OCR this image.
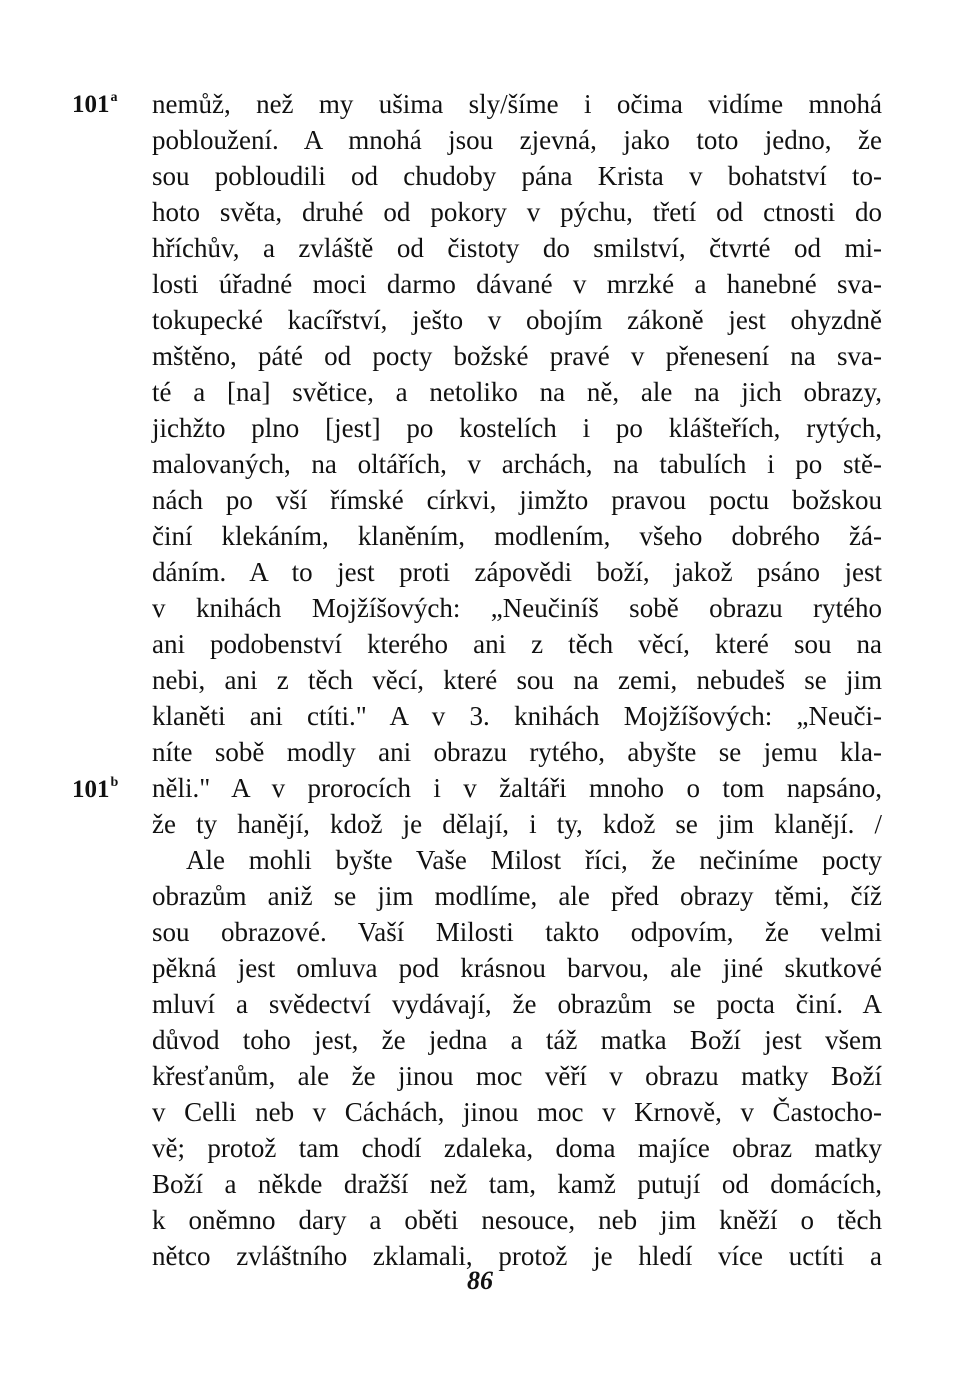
101$^a$
101$^b$
nemůž, než my ušima sly/šíme i očima vidíme mnohá
pobloužení. A mnohá jsou zjevná, jako toto jedno, že
sou pobloudili od chudoby pána Krista v bohatství to-
hoto světa, druhé od pokory v pýchu, třetí od ctnosti do
hříchův, a zvláště od čistoty do smilství, čtvrté od mi-
losti úřadné moci darmo dávané v mrzké a hanebné sva-
tokupecké kacířství, ješto v obojím zákoně jest ohyzdně
mštěno, páté od pocty božské pravé v přenesení na sva-
té a [na] světice, a netoliko na ně, ale na jich obrazy,
jichžto plno [jest] po kostelích i po klášteřích, rytých,
malovaných, na oltářích, v archách, na tabulích i po stě-
nách po vší římské církvi, jimžto pravou poctu božskou
činí klekáním, klaněním, modlením, všeho dobrého žá-
dáním. A to jest proti zápovědi boží, jakož psáno jest
v knihách Mojžíšových: „Neučiníš sobě obrazu rytého
ani podobenství kterého ani z těch věcí, které sou na
nebi, ani z těch věcí, které sou na zemi, nebudeš se jim
klaněti ani ctíti." A v 3. knihách Mojžíšových: „Neuči-
níte sobě modly ani obrazu rytého, abyšte se jemu kla-
něli." A v prorocích i v žaltáři mnoho o tom napsáno,
že ty hanějí, kdož je dělají, i ty, kdož se jim klanějí. /
Ale mohli byšte Vaše Milost říci, že nečiníme pocty
obrazům aniž se jim modlíme, ale před obrazy těmi, číž
sou obrazové. Vaší Milosti takto odpovím, že velmi
pěkná jest omluva pod krásnou barvou, ale jiné skutkové
mluví a svědectví vydávají, že obrazům se pocta činí. A
důvod toho jest, že jedna a táž matka Boží jest všem
křesťanům, ale že jinou moc věří v obrazu matky Boží
v Celli neb v Cáchách, jinou moc v Krnově, v Častocho-
vě; protož tam chodí zdaleka, doma majíce obraz matky
Boží a někde dražší než tam, kamž putují od domácích,
k oněmno dary a oběti nesouce, neb jim kněží o těch
nětco zvláštního zklamali, protož je hledí více uctíti a
86
